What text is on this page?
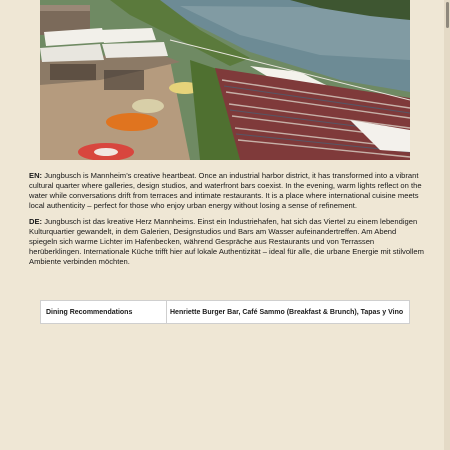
EN: Jungbusch is Mannheim’s creative heartbeat. Once an industrial harbor district, it has transformed into a vibrant cultural quarter where galleries, design studios, and waterfront bars coexist. In the evening, warm lights reflect on the water while conversations drift from terraces and intimate restaurants. It is a place where international cuisine meets local authenticity – perfect for those who enjoy urban energy without losing a sense of refinement.

DE: Jungbusch ist das kreative Herz Mannheims. Einst ein Industriehafen, hat sich das Viertel zu einem lebendigen Kulturquartier gewandelt, in dem Galerien, Designstudios und Bars am Wasser aufeinandertreffen. Am Abend spiegeln sich warme Lichter im Hafenbecken, während Gespräche aus Restaurants und von Terrassen herüberklingen. Internationale Küche trifft hier auf lokale Authentizität – ideal für alle, die urbane Energie mit stilvollem Ambiente verbinden möchten.

Dining Recommendations	Henriette Burger Bar, Café Sammo (Breakfast & Brunch), Tapas y Vino
